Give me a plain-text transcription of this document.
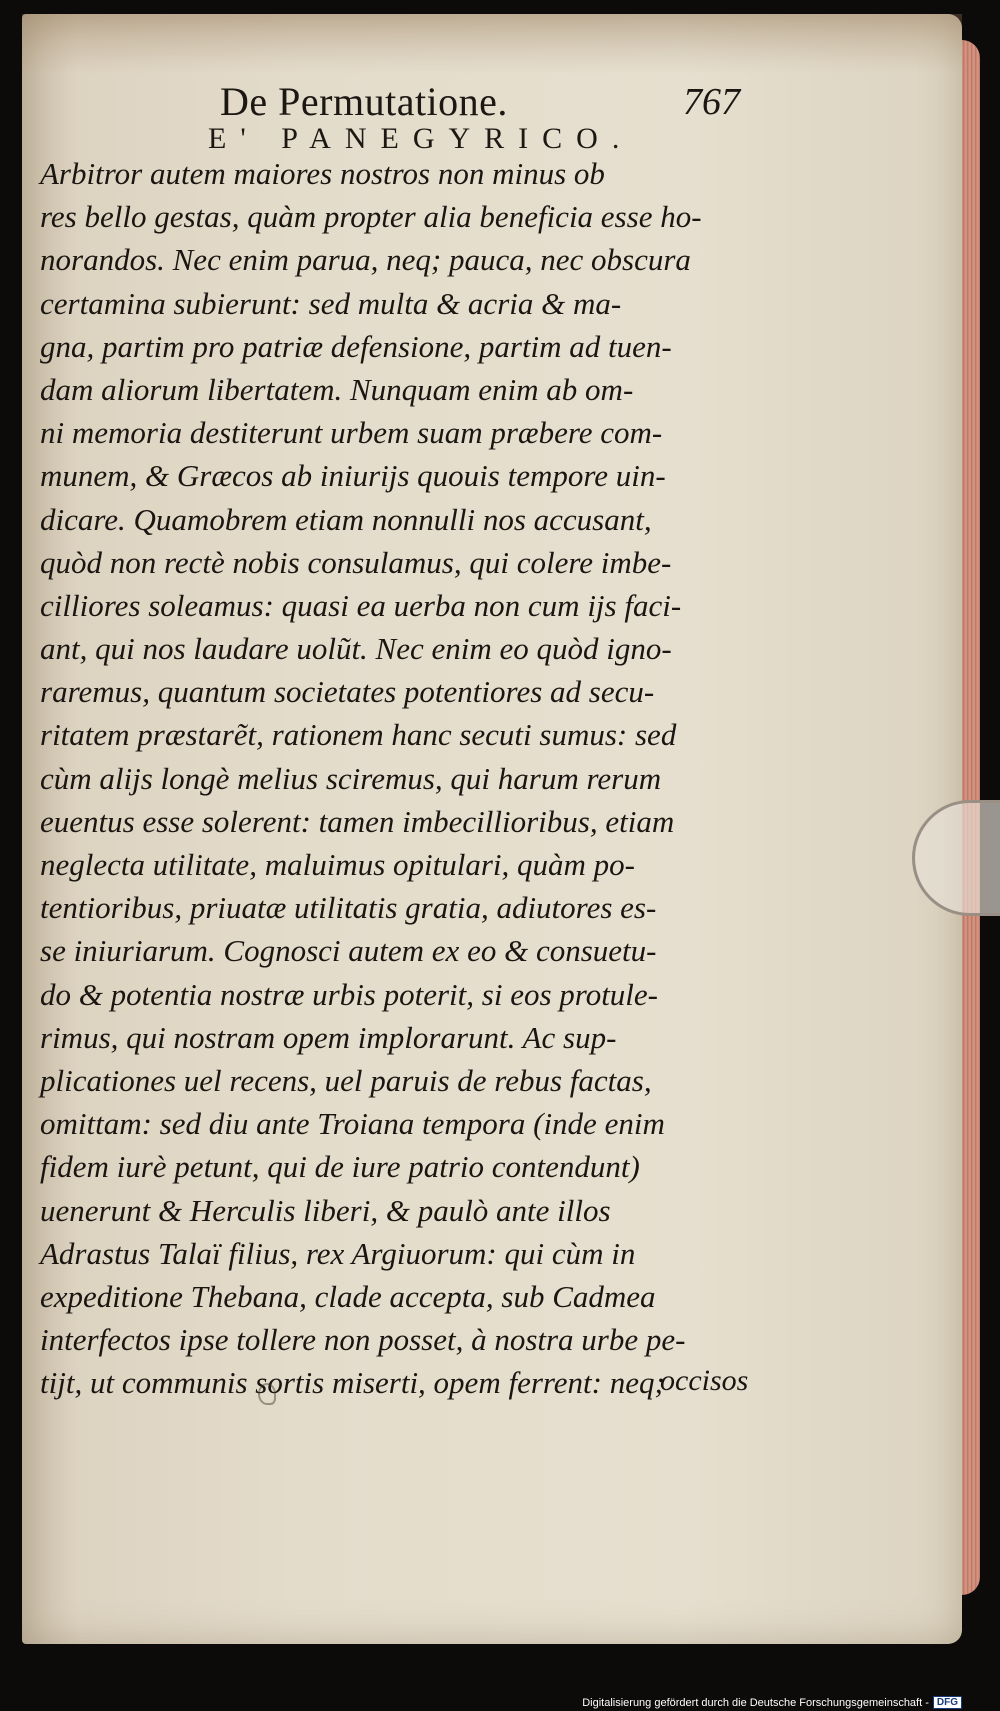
De Permutatione.	767
E' PANEGYRICO.
Arbitror autem maiores nostros non minus ob
res bello gestas, quàm propter alia beneficia esse ho-
norandos. Nec enim parua, neq; pauca, nec obscura
certamina subierunt: sed multa & acria & ma-
gna, partim pro patriæ defensione, partim ad tuen-
dam aliorum libertatem. Nunquam enim ab om-
ni memoria destiterunt urbem suam præbere com-
munem, & Græcos ab iniurijs quouis tempore uin-
dicare. Quamobrem etiam nonnulli nos accusant,
quòd non rectè nobis consulamus, qui colere imbe-
cilliores soleamus: quasi ea uerba non cum ijs faci-
ant, qui nos laudare uolũt. Nec enim eo quòd igno-
raremus, quantum societates potentiores ad secu-
ritatem præstarẽt, rationem hanc secuti sumus: sed
cùm alijs longè melius sciremus, qui harum rerum
euentus esse solerent: tamen imbecillioribus, etiam
neglecta utilitate, maluimus opitulari, quàm po-
tentioribus, priuatæ utilitatis gratia, adiutores es-
se iniuriarum. Cognosci autem ex eo & consuetu-
do & potentia nostræ urbis poterit, si eos protule-
rimus, qui nostram opem implorarunt. Ac sup-
plicationes uel recens, uel paruis de rebus factas,
omittam: sed diu ante Troiana tempora (inde enim
fidem iurè petunt, qui de iure patrio contendunt)
uenerunt & Herculis liberi, & paulò ante illos
Adrastus Talaï filius, rex Argiuorum: qui cùm in
expeditione Thebana, clade accepta, sub Cadmea
interfectos ipse tollere non posset, à nostra urbe pe-
tijt, ut communis sortis miserti, opem ferrent: neq;
occisos
Digitalisierung gefördert durch die Deutsche Forschungsgemeinschaft - DFG
